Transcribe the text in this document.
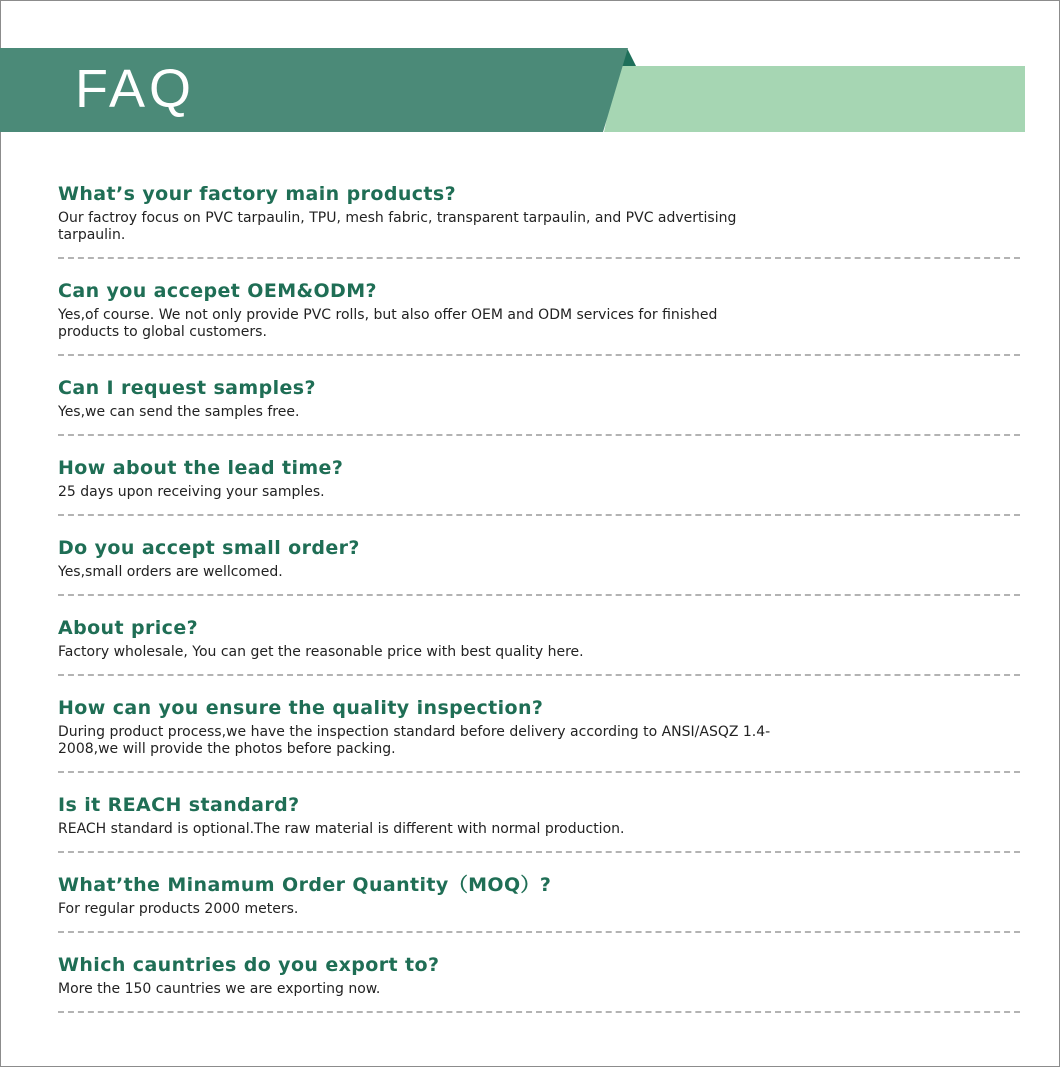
FAQ

What’s your factory main products?

Our factroy focus on PVC tarpaulin, TPU, mesh fabric, transparent tarpaulin, and PVC advertising tarpaulin.

Can you accepet OEM&ODM?

Yes,of course. We not only provide PVC rolls, but also offer OEM and ODM services for finished products to global customers.

Can I request samples?

Yes,we can send the samples free.

How about the lead time?

25 days upon receiving your samples.

Do you accept small order?

Yes,small orders are wellcomed.

About price?

Factory wholesale, You can get the reasonable price with best quality here.

How can you ensure the quality inspection?

During product process,we have the inspection standard before delivery according to ANSI/ASQZ 1.4-2008,we will provide the photos before packing.

Is it REACH standard?

REACH standard is optional.The raw material is different with normal production.

What’the Minamum Order Quantity（MOQ）?

For regular products 2000 meters.

Which cauntries do you export to?

More the 150 cauntries we are exporting now.
